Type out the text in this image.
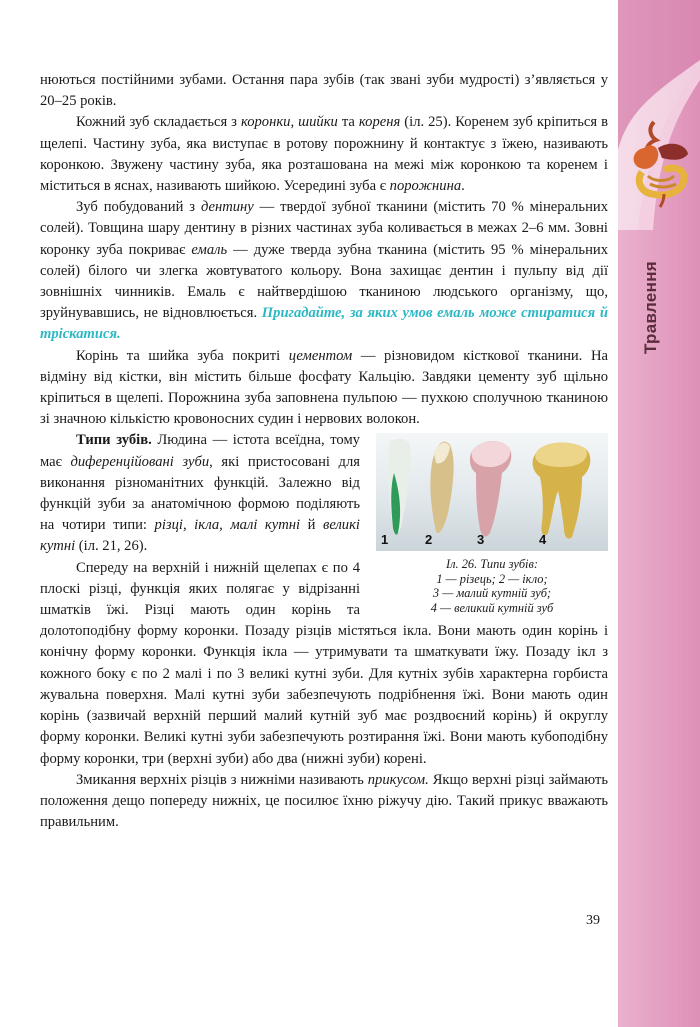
Травлення

нюються постійними зубами. Остання пара зубів (так звані зуби мудрості) з’являється у 20–25 років.

Кожний зуб складається з коронки, шийки та кореня (іл. 25). Коренем зуб кріпиться в щелепі. Частину зуба, яка виступає в ротову порожнину й контактує з їжею, називають коронкою. Звужену частину зуба, яка розташована на межі між коронкою та коренем і міститься в яснах, називають шийкою. Усередині зуба є порожнина.

Зуб побудований з дентину — твердої зубної тканини (містить 70 % мінеральних солей). Товщина шару дентину в різних частинах зуба коливається в межах 2–6 мм. Зовні коронку зуба покриває емаль — дуже тверда зубна тканина (містить 95 % мінеральних солей) білого чи злегка жовтуватого кольору. Вона захищає дентин і пульпу від дії зовнішніх чинників. Емаль є найтвердішою тканиною людського організму, що, зруйнувавшись, не відновлюється. Пригадайте, за яких умов емаль може стиратися й тріскатися.

Корінь та шийка зуба покриті цементом — різновидом кісткової тканини. На відміну від кістки, він містить більше фосфату Кальцію. Завдяки цементу зуб щільно кріпиться в щелепі. Порожнина зуба заповнена пульпою — пухкою сполучною тканиною зі значною кількістю кровоносних судин і нервових волокон.

1	2	3	4
Іл. 26. Типи зубів:
1 — різець; 2 — ікло;
3 — малий кутній зуб;
4 — великий кутній зуб

Типи зубів. Людина — істота всеїдна, тому має диференційовані зуби, які пристосовані для виконання різноманітних функцій. Залежно від функцій зуби за анатомічною формою поділяють на чотири типи: різці, ікла, малі кутні й великі кутні (іл. 21, 26).

Спереду на верхній і нижній щелепах є по 4 плоскі різці, функція яких полягає у відрізанні шматків їжі. Різці мають один корінь та долотоподібну форму коронки. Позаду різців містяться ікла. Вони мають один корінь і конічну форму коронки. Функція ікла — утримувати та шматкувати їжу. Позаду ікл з кожного боку є по 2 малі і по 3 великі кутні зуби. Для кутніх зубів характерна горбиста жувальна поверхня. Малі кутні зуби забезпечують подрібнення їжі. Вони мають один корінь (зазвичай верхній перший малий кутній зуб має роздвоєний корінь) й округлу форму коронки. Великі кутні зуби забезпечують розтирання їжі. Вони мають кубоподібну форму коронки, три (верхні зуби) або два (нижні зуби) корені.

Змикання верхніх різців з нижніми називають прикусом. Якщо верхні різці займають положення дещо попереду нижніх, це посилює їхню ріжучу дію. Такий прикус вважають правильним.

39
